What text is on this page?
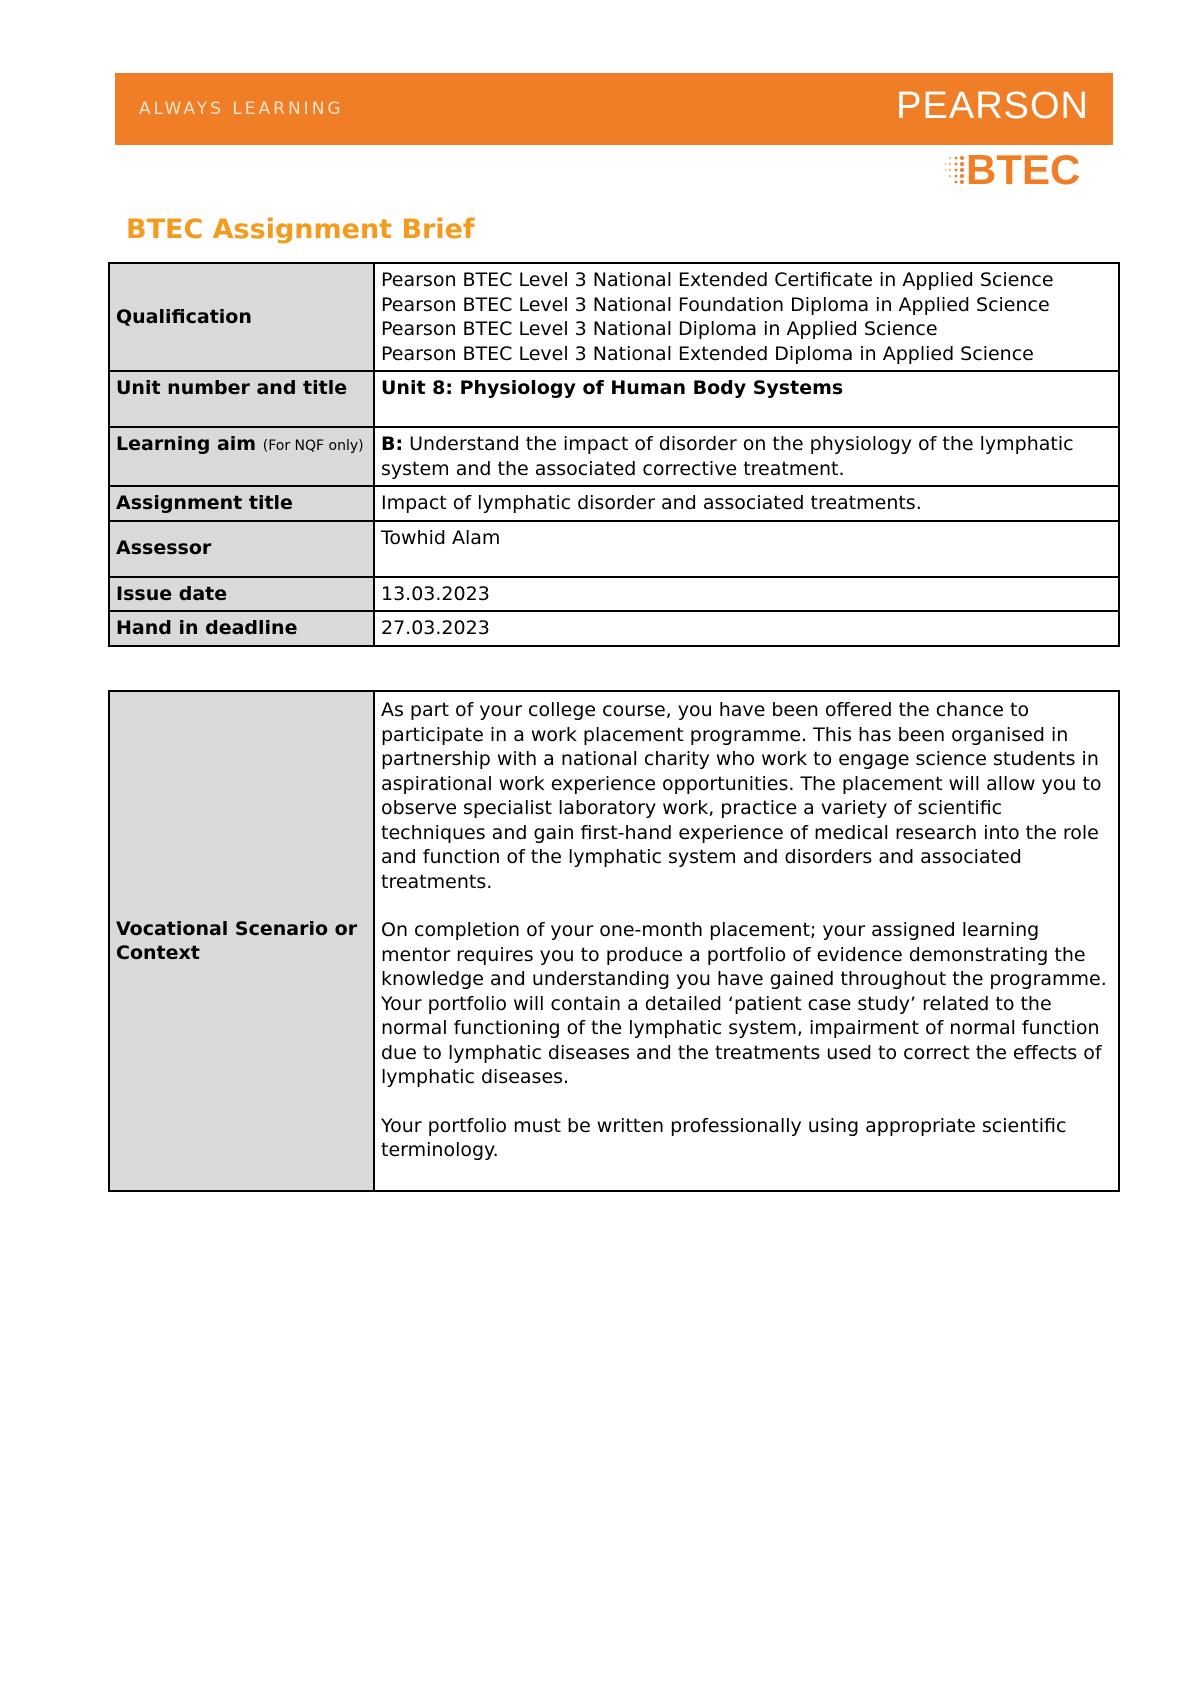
ALWAYS LEARNING	PEARSON
BTEC
BTEC Assignment Brief
Qualification	Pearson BTEC Level 3 National Extended Certificate in Applied Science
Pearson BTEC Level 3 National Foundation Diploma in Applied Science
Pearson BTEC Level 3 National Diploma in Applied Science
Pearson BTEC Level 3 National Extended Diploma in Applied Science

Unit number and title	Unit 8: Physiology of Human Body Systems
Learning aim (For NQF only)	B: Understand the impact of disorder on the physiology of the lymphatic system and the associated corrective treatment.
Assignment title	Impact of lymphatic disorder and associated treatments.
Assessor	Towhid Alam
Issue date	13.03.2023
Hand in deadline	27.03.2023
Vocational Scenario or Context	

As part of your college course, you have been offered the chance to participate in a work placement programme. This has been organised in partnership with a national charity who work to engage science students in aspirational work experience opportunities. The placement will allow you to observe specialist laboratory work, practice a variety of scientific techniques and gain first-hand experience of medical research into the role and function of the lymphatic system and disorders and associated treatments.

On completion of your one-month placement; your assigned learning mentor requires you to produce a portfolio of evidence demonstrating the knowledge and understanding you have gained throughout the programme. Your portfolio will contain a detailed ‘patient case study’ related to the normal functioning of the lymphatic system, impairment of normal function due to lymphatic diseases and the treatments used to correct the effects of lymphatic diseases.

Your portfolio must be written professionally using appropriate scientific terminology.
